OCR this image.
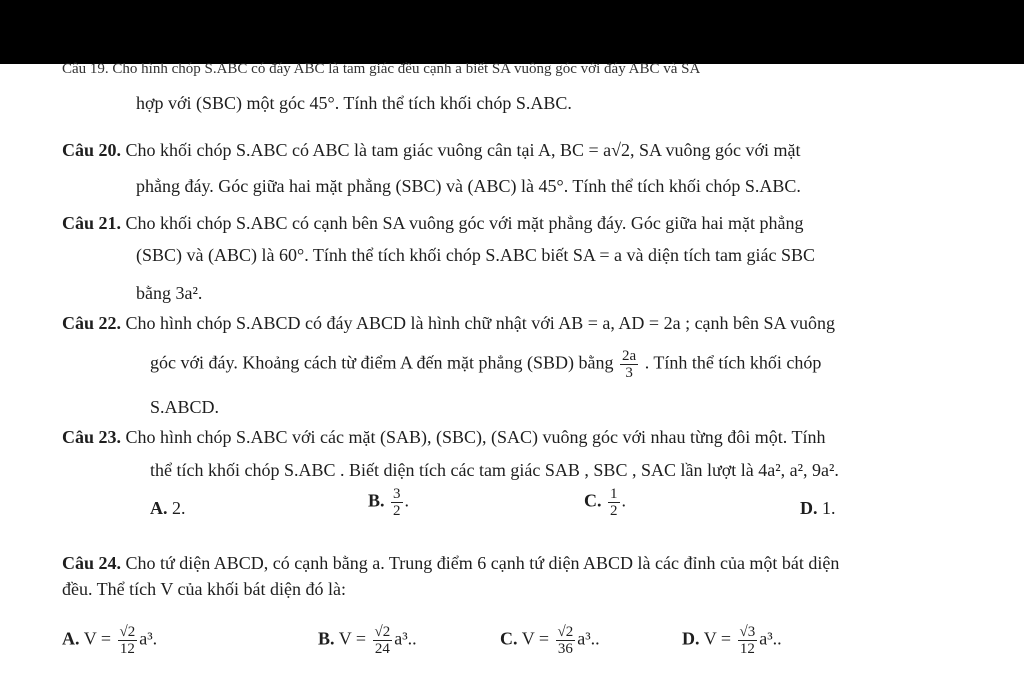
Câu 19. Cho hình chóp S.ABC có đáy ABC là tam giác đều cạnh a biết SA vuông góc với đáy ABC và SA
hợp với (SBC) một góc 45°. Tính thể tích khối chóp S.ABC.
Câu 20. Cho khối chóp S.ABC có ABC là tam giác vuông cân tại A, BC = a√2, SA vuông góc với mặt
phẳng đáy. Góc giữa hai mặt phẳng (SBC) và (ABC) là 45°. Tính thể tích khối chóp S.ABC.
Câu 21. Cho khối chóp S.ABC có cạnh bên SA vuông góc với mặt phẳng đáy. Góc giữa hai mặt phẳng
(SBC) và (ABC) là 60°. Tính thể tích khối chóp S.ABC biết SA = a và diện tích tam giác SBC
bằng 3a².
Câu 22. Cho hình chóp S.ABCD có đáy ABCD là hình chữ nhật với AB = a, AD = 2a ; cạnh bên SA vuông
góc với đáy. Khoảng cách từ điểm A đến mặt phẳng (SBD) bằng $\frac{2a}{3}$ . Tính thể tích khối chóp
S.ABCD.
Câu 23. Cho hình chóp S.ABC với các mặt (SAB), (SBC), (SAC) vuông góc với nhau từng đôi một. Tính
thể tích khối chóp S.ABC . Biết diện tích các tam giác SAB , SBC , SAC lần lượt là 4a², a², 9a².
A. 2.	B. $\frac{3}{2}$ .	C. $\frac{1}{2}$ .	D. 1.
Câu 24. Cho tứ diện ABCD, có cạnh bằng a. Trung điểm 6 cạnh tứ diện ABCD là các đỉnh của một bát diện
đều. Thể tích V của khối bát diện đó là:
A. $V = \frac{√2}{12} a^3$.	B. $V = \frac{√2}{24} a^3$..	C. $V = \frac{√2}{36} a^3$..	D. $V = \frac{√3}{12} a^3$..
